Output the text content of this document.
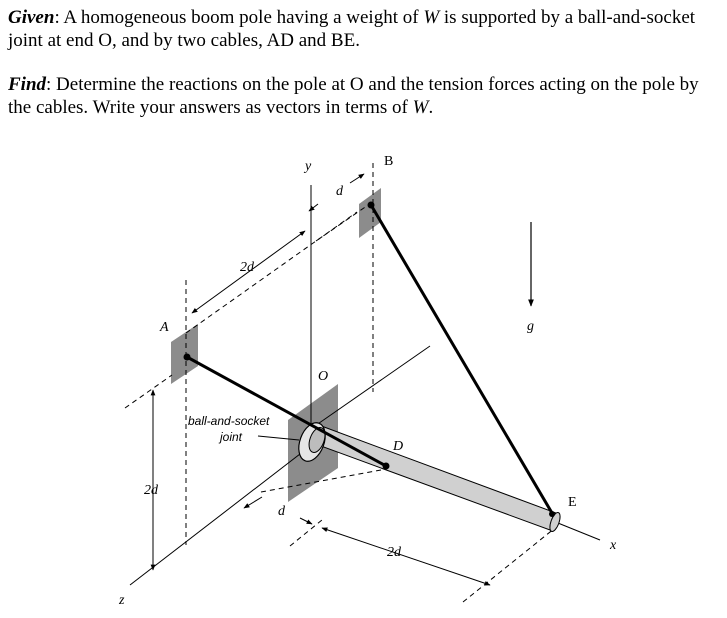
Given: A homogeneous boom pole having a weight of W is supported by a ball-and-socket joint at end O, and by two cables, AD and BE.

Find: Determine the reactions on the pole at O and the tension forces acting on the pole by the cables. Write your answers as vectors in terms of W.

y	B
d
2d
A	g
O
ball-and-socket
joint
D
2d
E
d
2d	x
z
